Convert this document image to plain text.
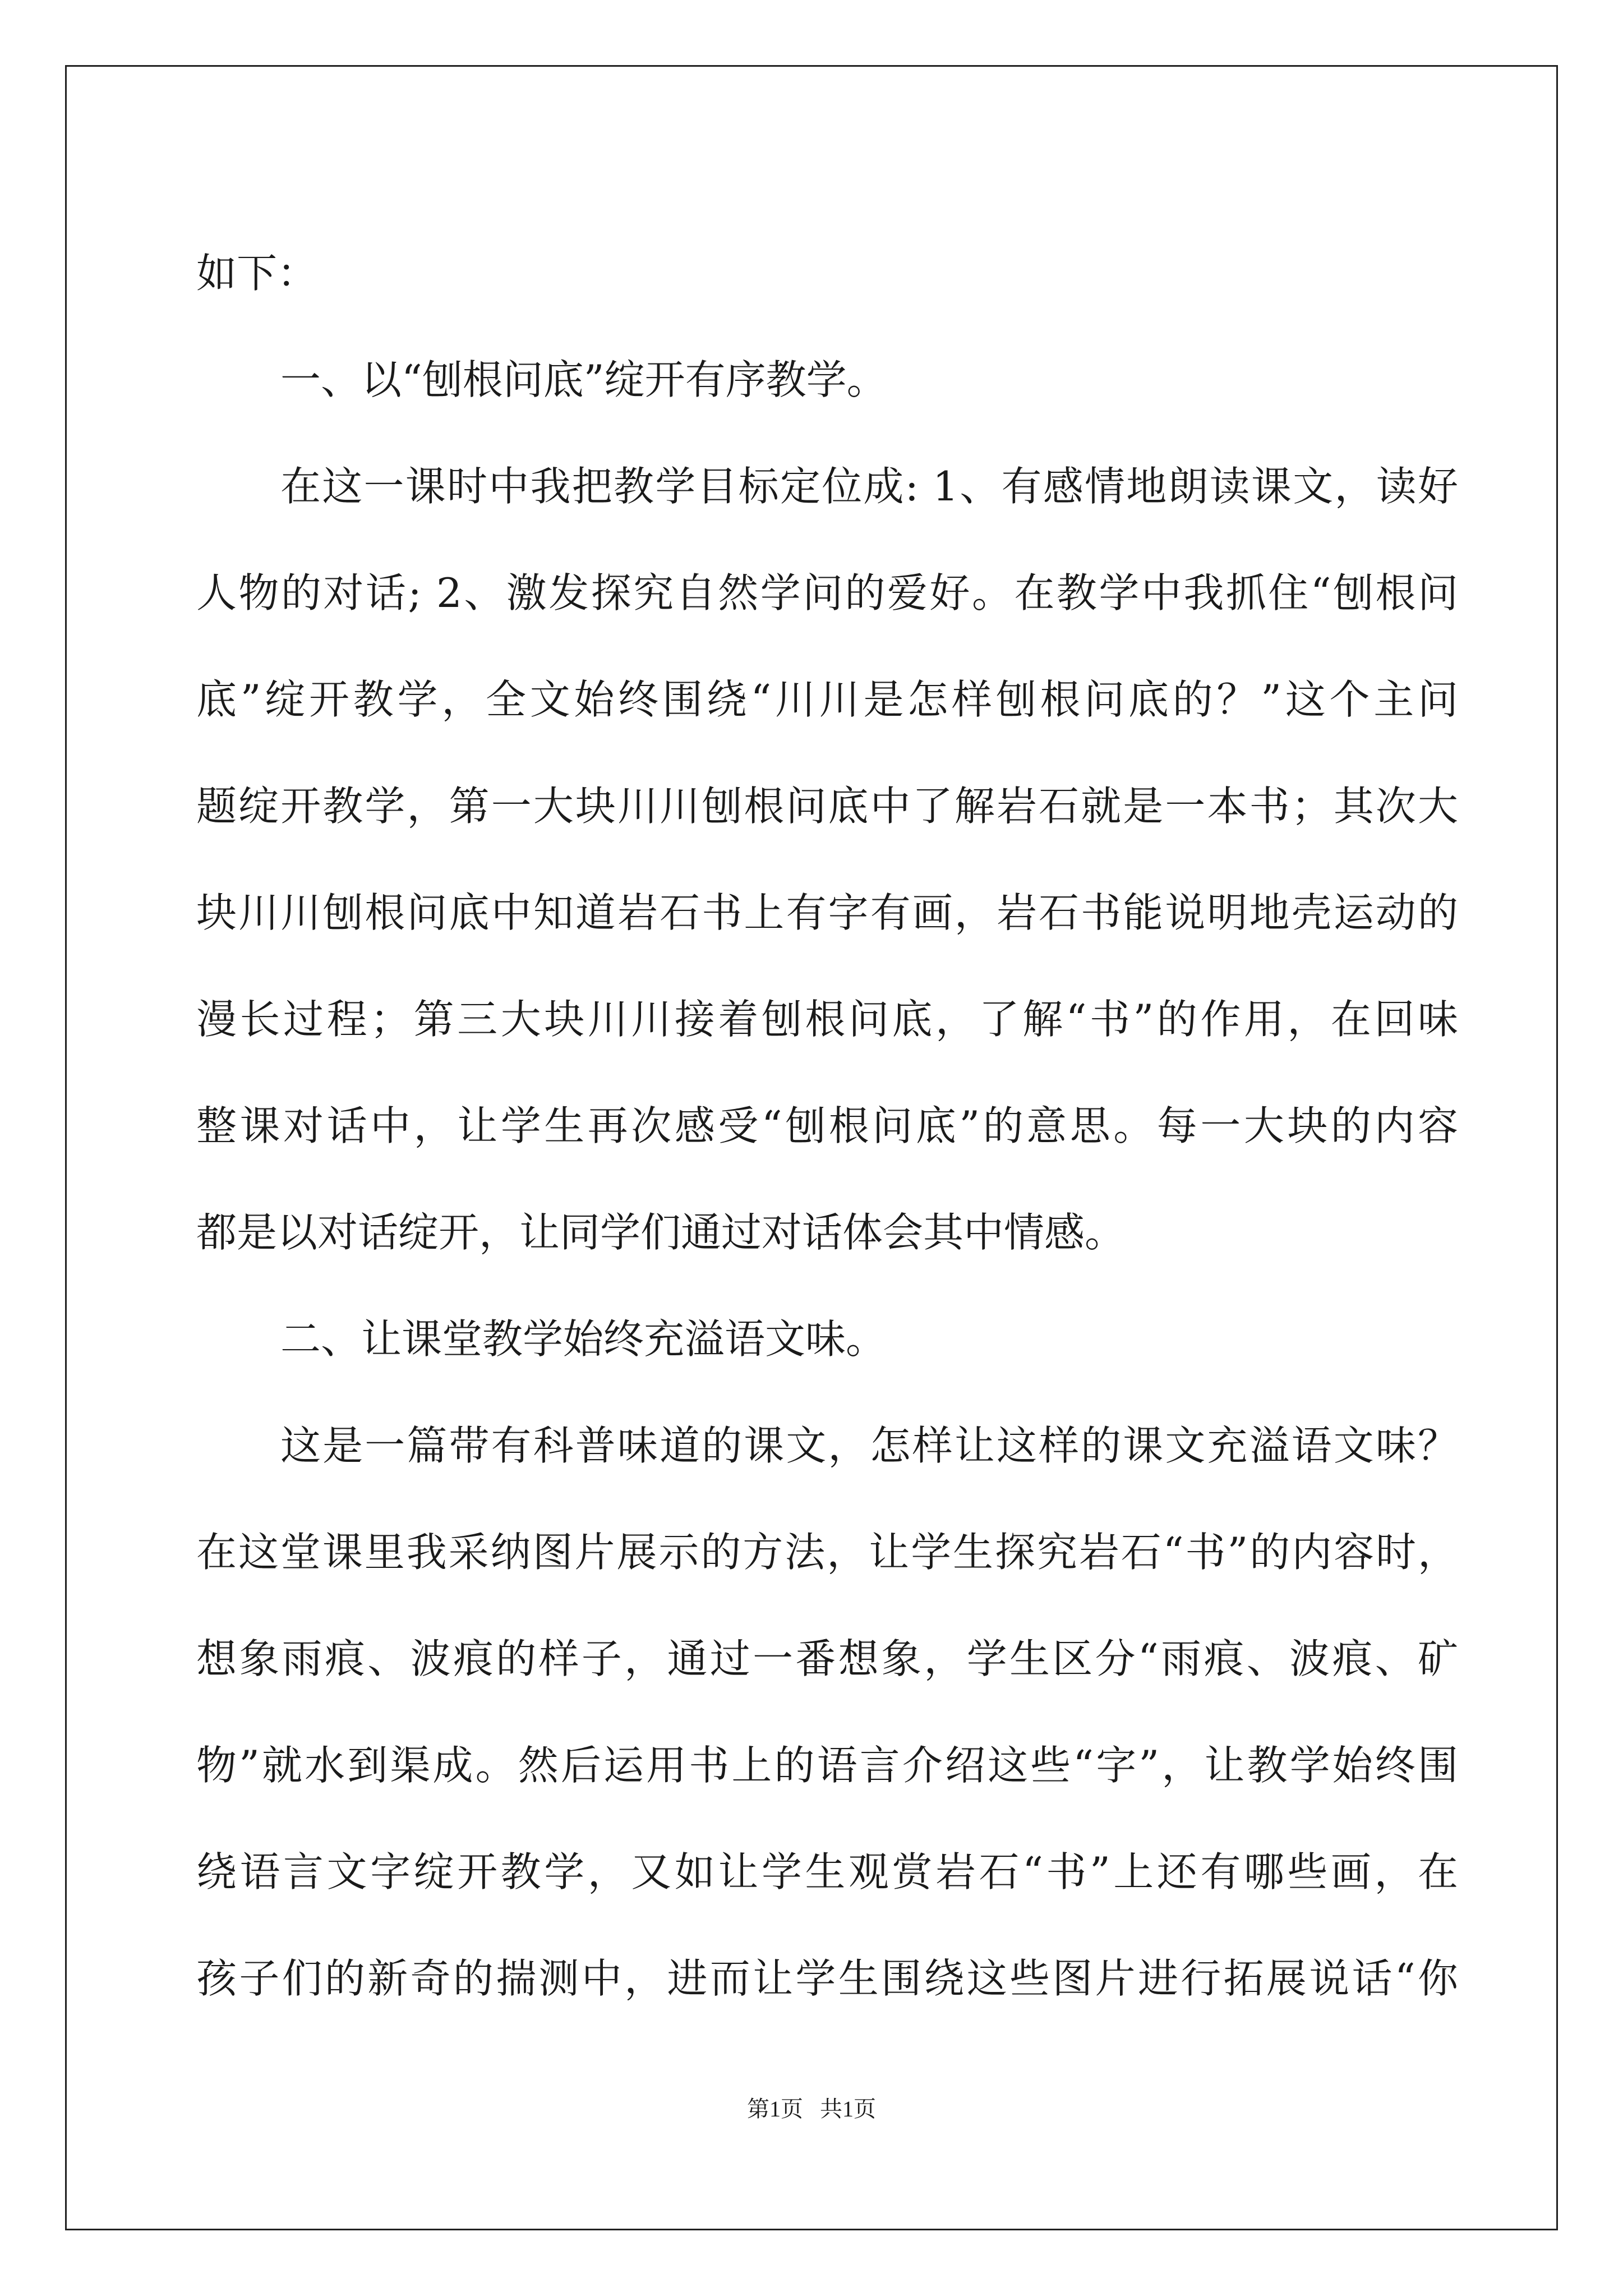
如下：
一、以“刨根问底”绽开有序教学。
在这一课时中我把教学目标定位成: 1、有感情地朗读课文，读好
人物的对话; 2、激发探究自然学问的爱好。在教学中我抓住“刨根问
底”绽开教学，全文始终围绕“川川是怎样刨根问底的？”这个主问
题绽开教学，第一大块川川刨根问底中了解岩石就是一本书；其次大
块川川刨根问底中知道岩石书上有字有画，岩石书能说明地壳运动的
漫长过程；第三大块川川接着刨根问底，了解“书”的作用，在回味
整课对话中，让学生再次感受“刨根问底”的意思。每一大块的内容
都是以对话绽开，让同学们通过对话体会其中情感。
二、让课堂教学始终充溢语文味。
这是一篇带有科普味道的课文，怎样让这样的课文充溢语文味？
在这堂课里我采纳图片展示的方法，让学生探究岩石“书”的内容时，
想象雨痕、波痕的样子，通过一番想象，学生区分“雨痕、波痕、矿
物”就水到渠成。然后运用书上的语言介绍这些“字”，让教学始终围
绕语言文字绽开教学，又如让学生观赏岩石“书”上还有哪些画，在
孩子们的新奇的揣测中，进而让学生围绕这些图片进行拓展说话“你
第1页 共1页
